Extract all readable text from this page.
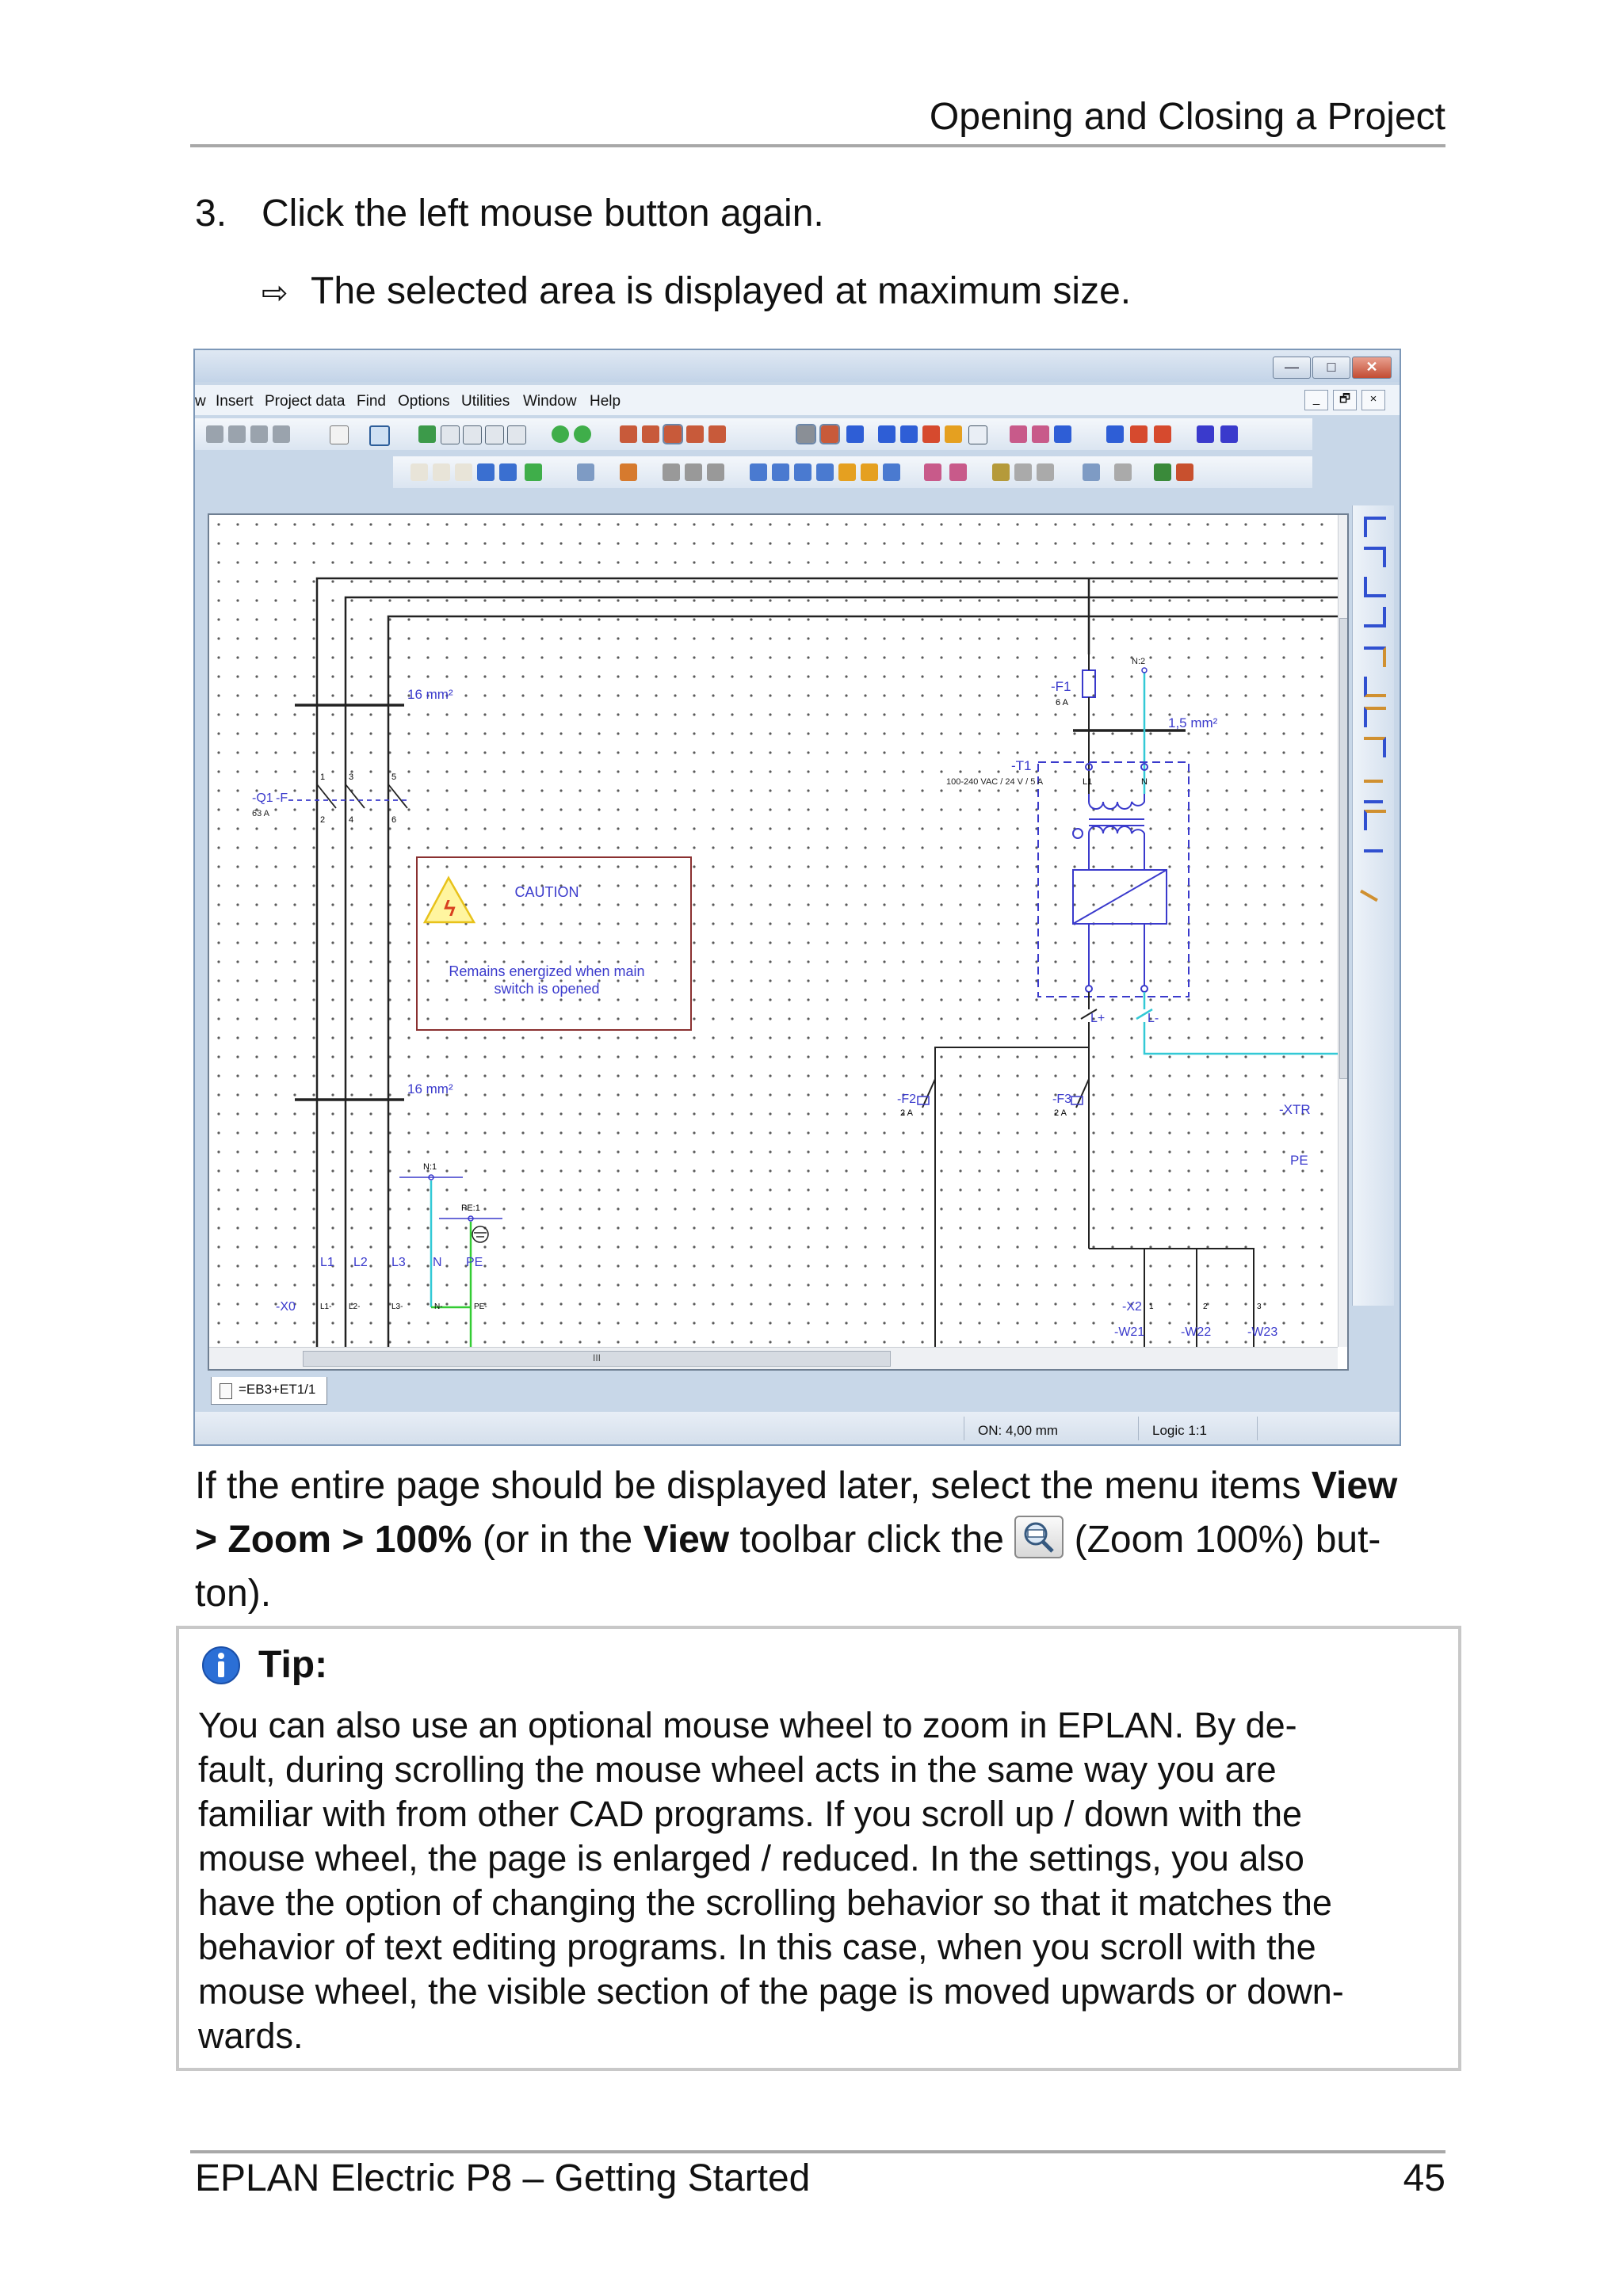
Opening and Closing a Project
3. Click the left mouse button again.
⇨ The selected area is displayed at maximum size.
—	□	✕
w Insert Project data Find Options Utilities Window Help	_	🗗	×
16 mm²
16 mm²
1,5 mm²
-Q1 -F
63 A
1	3	5
2	4	6
ϟ
CAUTION
Remains energized when main
switch is opened
-F1
6 A
N:2
-T1
100-240 VAC / 24 V / 5 A	L1	N
L+	L-
-F2
2 A
-F3
2 A	-XTR
PE
N:1
PE:1
L1 L2 L3 N PE
-X0	L1- L2-	L3-	N-	PE-	-X2 1	2	3
-W21	-W22	-W23
III
=EB3+ET1/1
ON: 4,00 mm	Logic 1:1
If the entire page should be displayed later, select the menu items View
> Zoom > 100% (or in the View toolbar click the
(Zoom 100%) but-
ton).
Tip:
You can also use an optional mouse wheel to zoom in EPLAN. By de-
fault, during scrolling the mouse wheel acts in the same way you are
familiar with from other CAD programs. If you scroll up / down with the
mouse wheel, the page is enlarged / reduced. In the settings, you also
have the option of changing the scrolling behavior so that it matches the
behavior of text editing programs. In this case, when you scroll with the
mouse wheel, the visible section of the page is moved upwards or down-
wards.
EPLAN Electric P8 – Getting Started	45
